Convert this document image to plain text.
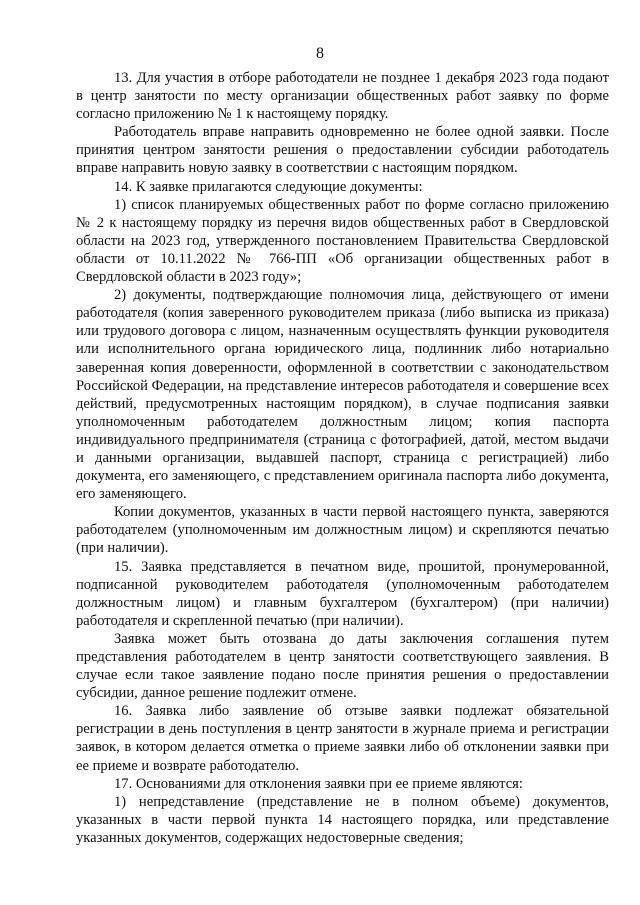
8

13. Для участия в отборе работодатели не позднее 1 декабря 2023 года подают в центр занятости по месту организации общественных работ заявку по форме согласно приложению № 1 к настоящему порядку.

Работодатель вправе направить одновременно не более одной заявки. После принятия центром занятости решения о предоставлении субсидии работодатель вправе направить новую заявку в соответствии с настоящим порядком.

14. К заявке прилагаются следующие документы:

1) список планируемых общественных работ по форме согласно приложению № 2 к настоящему порядку из перечня видов общественных работ в Свердловской области на 2023 год, утвержденного постановлением Правительства Свердловской области от 10.11.2022 № 766-ПП «Об организации общественных работ в Свердловской области в 2023 году»;

2) документы, подтверждающие полномочия лица, действующего от имени работодателя (копия заверенного руководителем приказа (либо выписка из приказа) или трудового договора с лицом, назначенным осуществлять функции руководителя или исполнительного органа юридического лица, подлинник либо нотариально заверенная копия доверенности, оформленной в соответствии с законодательством Российской Федерации, на представление интересов работодателя и совершение всех действий, предусмотренных настоящим порядком), в случае подписания заявки уполномоченным работодателем должностным лицом; копия паспорта индивидуального предпринимателя (страница с фотографией, датой, местом выдачи и данными организации, выдавшей паспорт, страница с регистрацией) либо документа, его заменяющего, с представлением оригинала паспорта либо документа, его заменяющего.

Копии документов, указанных в части первой настоящего пункта, заверяются работодателем (уполномоченным им должностным лицом) и скрепляются печатью (при наличии).

15. Заявка представляется в печатном виде, прошитой, пронумерованной, подписанной руководителем работодателя (уполномоченным работодателем должностным лицом) и главным бухгалтером (бухгалтером) (при наличии) работодателя и скрепленной печатью (при наличии).

Заявка может быть отозвана до даты заключения соглашения путем представления работодателем в центр занятости соответствующего заявления. В случае если такое заявление подано после принятия решения о предоставлении субсидии, данное решение подлежит отмене.

16. Заявка либо заявление об отзыве заявки подлежат обязательной регистрации в день поступления в центр занятости в журнале приема и регистрации заявок, в котором делается отметка о приеме заявки либо об отклонении заявки при ее приеме и возврате работодателю.

17. Основаниями для отклонения заявки при ее приеме являются:

1) непредставление (представление не в полном объеме) документов, указанных в части первой пункта 14 настоящего порядка, или представление указанных документов, содержащих недостоверные сведения;
